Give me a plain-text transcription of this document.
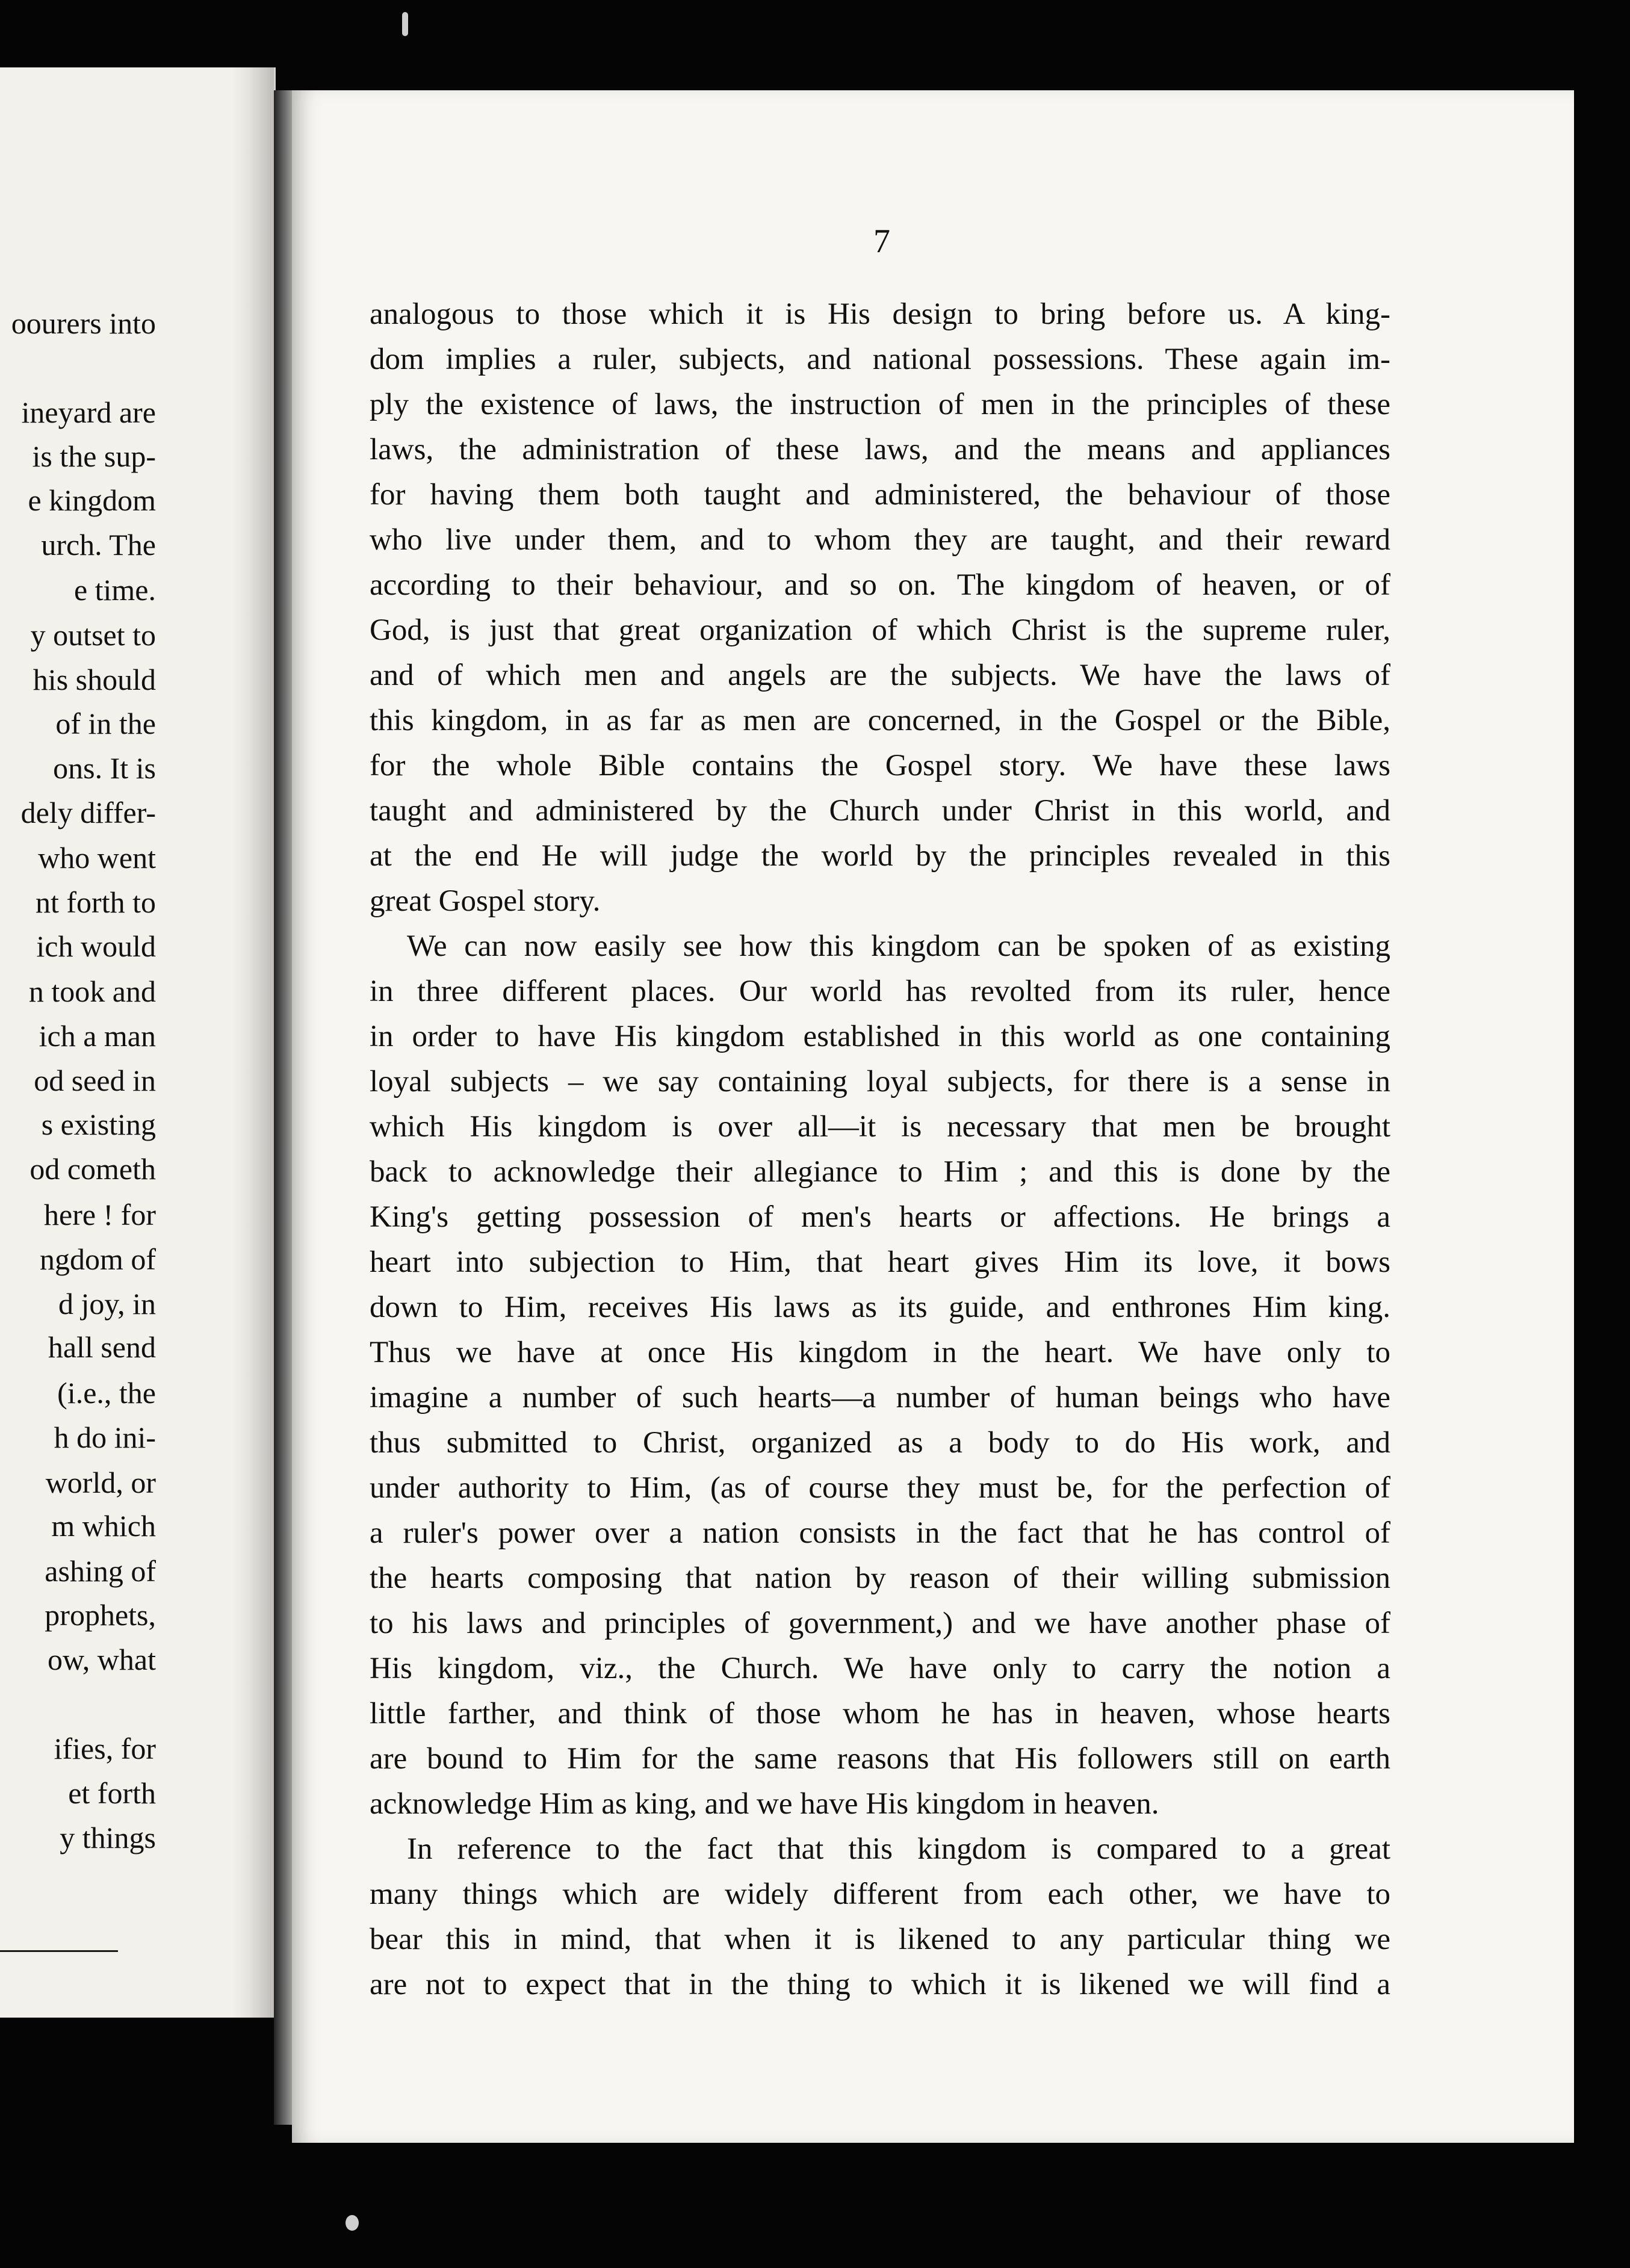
oourers into
ineyard are
is the sup-
e kingdom
urch. The
e time.
y outset to
his should
of in the
ons. It is
dely differ-
who went
nt forth to
ich would
n took and
ich a man
od seed in
s existing
od cometh
here ! for
ngdom of
d joy, in
hall send
(i.e., the
h do ini-
world, or
m which
ashing of
prophets,
ow, what
ifies, for
et forth
y things
7
analogous to those which it is His design to bring before us. A king-
dom implies a ruler, subjects, and national possessions. These again im-
ply the existence of laws, the instruction of men in the principles of these
laws, the administration of these laws, and the means and appliances
for having them both taught and administered, the behaviour of those
who live under them, and to whom they are taught, and their reward
according to their behaviour, and so on. The kingdom of heaven, or of
God, is just that great organization of which Christ is the supreme ruler,
and of which men and angels are the subjects. We have the laws of
this kingdom, in as far as men are concerned, in the Gospel or the Bible,
for the whole Bible contains the Gospel story. We have these laws
taught and administered by the Church under Christ in this world, and
at the end He will judge the world by the principles revealed in this
great Gospel story.
We can now easily see how this kingdom can be spoken of as existing
in three different places. Our world has revolted from its ruler, hence
in order to have His kingdom established in this world as one containing
loyal subjects – we say containing loyal subjects, for there is a sense in
which His kingdom is over all—it is necessary that men be brought
back to acknowledge their allegiance to Him ; and this is done by the
King's getting possession of men's hearts or affections. He brings a
heart into subjection to Him, that heart gives Him its love, it bows
down to Him, receives His laws as its guide, and enthrones Him king.
Thus we have at once His kingdom in the heart. We have only to
imagine a number of such hearts—a number of human beings who have
thus submitted to Christ, organized as a body to do His work, and
under authority to Him, (as of course they must be, for the perfection of
a ruler's power over a nation consists in the fact that he has control of
the hearts composing that nation by reason of their willing submission
to his laws and principles of government,) and we have another phase of
His kingdom, viz., the Church. We have only to carry the notion a
little farther, and think of those whom he has in heaven, whose hearts
are bound to Him for the same reasons that His followers still on earth
acknowledge Him as king, and we have His kingdom in heaven.
In reference to the fact that this kingdom is compared to a great
many things which are widely different from each other, we have to
bear this in mind, that when it is likened to any particular thing we
are not to expect that in the thing to which it is likened we will find a
